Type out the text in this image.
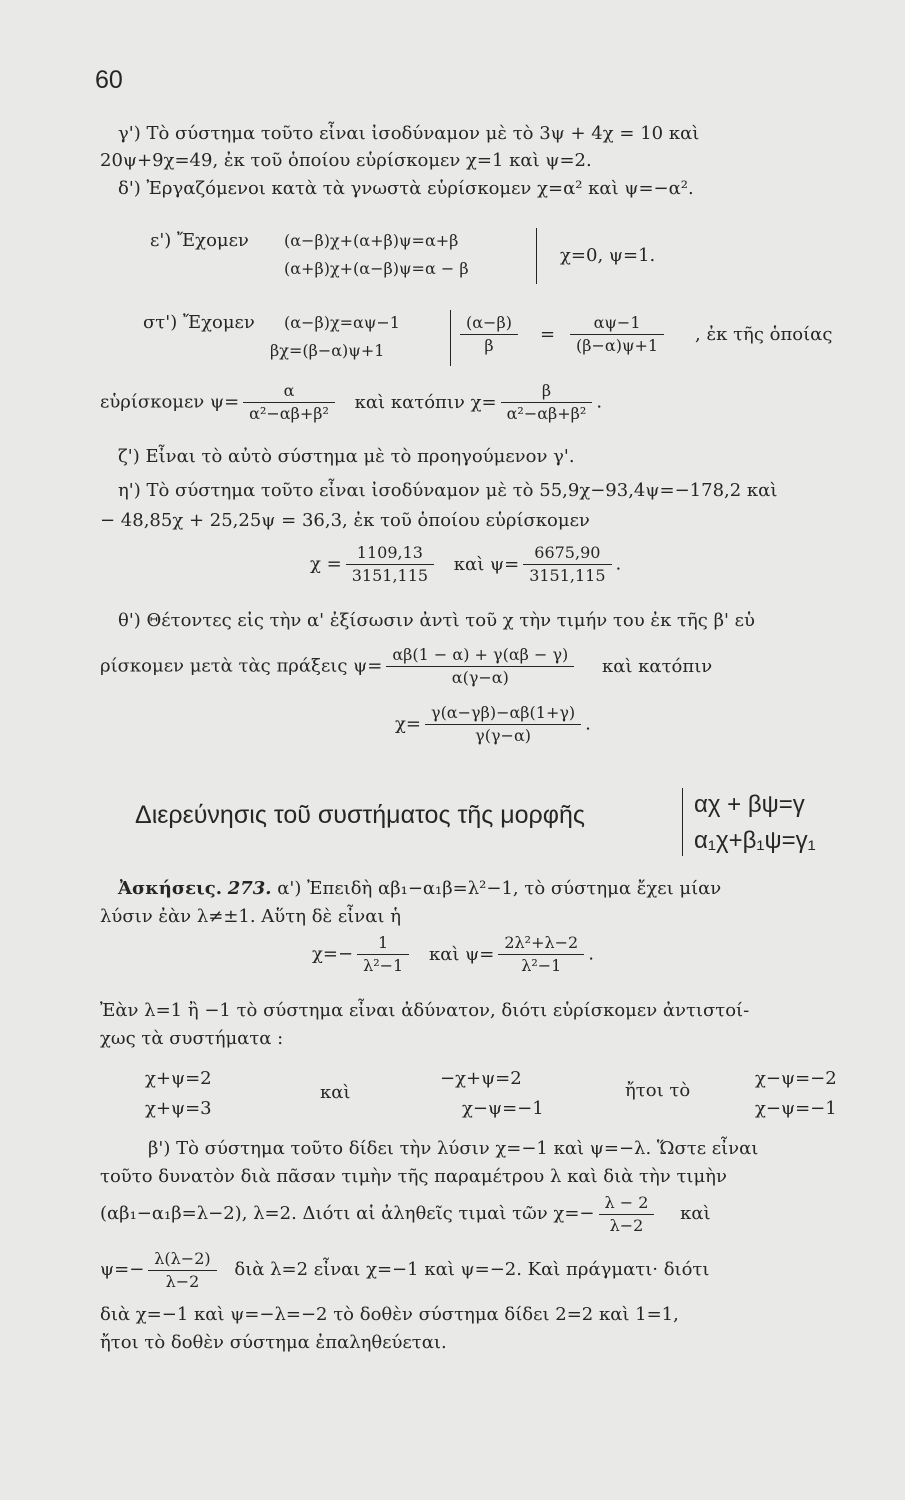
60
γ') Τὸ σύστημα τοῦτο εἶναι ἰσοδύναμον μὲ τὸ 3ψ + 4χ = 10 καὶ
20ψ+9χ=49, ἐκ τοῦ ὁποίου εὑρίσκομεν χ=1 καὶ ψ=2.
δ') Ἐργαζόμενοι κατὰ τὰ γνωστὰ εὑρίσκομεν χ=α² καὶ ψ=−α².
ε') Ἔχομεν (α−β)χ+(α+β)ψ=α+β
(α+β)χ+(α−β)ψ=α − β
χ=0, ψ=1.
στ') Ἔχομεν (α−β)χ=αψ−1
βχ=(β−α)ψ+1	$\frac{(\alpha-\beta)}{\beta} = \frac{\alpha\psi-1}{(\beta-\alpha)\psi+1}$ , ἐκ τῆς ὁποίας
εὑρίσκομεν $\psi= \frac{\alpha}{\text{α²−αβ+β²}}$ καὶ κατόπιν $\chi= \frac{\beta}{\text{α²−αβ+β²}}$ .
ζ') Εἶναι τὸ αὐτὸ σύστημα μὲ τὸ προηγούμενον γ'.
η') Τὸ σύστημα τοῦτο εἶναι ἰσοδύναμον μὲ τὸ 55,9χ−93,4ψ=−178,2 καὶ
− 48,85χ + 25,25ψ = 36,3, ἐκ τοῦ ὁποίου εὑρίσκομεν
$\chi = \frac{1109,13}{3151,115}$ καὶ $\psi= \frac{6675,90}{3151,115}$ .
θ') Θέτοντες εἰς τὴν α' ἐξίσωσιν ἀντὶ τοῦ χ τὴν τιμήν του ἐκ τῆς β' εὑ
ρίσκομεν μετὰ τὰς πράξεις $\psi= \frac{\alpha\beta(1 - \alpha) + \gamma(\alpha\beta - \gamma)}{\alpha(\gamma-\alpha)}$ καὶ κατόπιν
$\chi= \frac{\gamma(\alpha-\gamma\beta)-\alpha\beta(1+\gamma)}{\gamma(\gamma-\alpha)}$ .
Διερεύνησις τοῦ συστήματος τῆς μορφῆς	αχ + βψ=γ
α₁χ+β₁ψ=γ₁
Ἀσκήσεις. 273. α') Ἐπειδὴ αβ₁−α₁β=λ²−1, τὸ σύστημα ἔχει μίαν
λύσιν ἐὰν λ≠±1. Αὕτη δὲ εἶναι ἡ
$\chi=- \frac{1}{\text{λ²−1}}$ καὶ $\psi= \frac{\text{2λ²+λ−2}}{\text{λ²−1}}$ .
Ἐὰν λ=1 ἢ −1 τὸ σύστημα εἶναι ἀδύνατον, διότι εὑρίσκομεν ἀντιστοί-
χως τὰ συστήματα :
χ+ψ=2
χ+ψ=3
καὶ
−χ+ψ=2
χ−ψ=−1
ἤτοι τὸ
χ−ψ=−2
χ−ψ=−1
β') Τὸ σύστημα τοῦτο δίδει τὴν λύσιν χ=−1 καὶ ψ=−λ. Ὥστε εἶναι
τοῦτο δυνατὸν διὰ πᾶσαν τιμὴν τῆς παραμέτρου λ καὶ διὰ τὴν τιμὴν
(αβ₁−α₁β=λ−2), λ=2. Διότι αἱ ἀληθεῖς τιμαὶ τῶν $\chi=- \frac{\lambda - 2}{\lambda-2}$ καὶ
$\psi=- \frac{\lambda(\lambda-2)}{\lambda-2}$ διὰ λ=2 εἶναι χ=−1 καὶ ψ=−2. Καὶ πράγματι· διότι
διὰ χ=−1 καὶ ψ=−λ=−2 τὸ δοθὲν σύστημα δίδει 2=2 καὶ 1=1,
ἤτοι τὸ δοθὲν σύστημα ἐπαληθεύεται.
